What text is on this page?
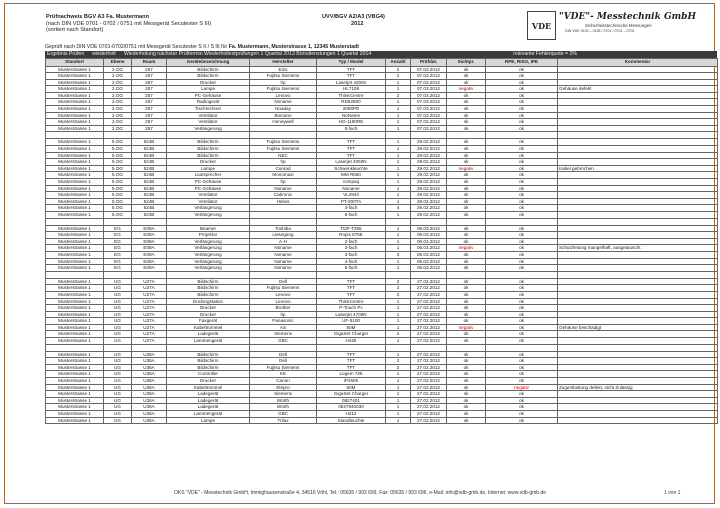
Prüfnachweis BGV A3 Fa. Mustermann
(nach DIN VDE 0701 - 0702 / 0751 mit Messgerät Secutester S III)
(sortiert nach Standort)
UVV/BGV A2/A3 (VBG4)
2012	VDE
"VDE"- Messtechnik GmbH
Sicherheitstechnische Messungen
DIN VDE 0100 – 0105 / 0701 / 0701 – 0702
Geprüft nach DIN VDE 0701-0702/0751 mit Messgerät Secutester S II / S III für Fa. Mustermann, Musterstrasse 1, 12345 Musterstadt
Ergebnis Prüfen wiederholt Wiederholung nächster Prüftermin Wiederholtestprüfungen 1 Quartal 2013 Bürodienstungen 1 Quartal 2014	relevante Fehlerquote = 2%
Standort	Ebene	Raum	Gerätebezeichnung	Hersteller	Typ / Model	Anzahl	Prüfdat.	Sichtpr.	RPE, RISO, IPE	Kommentar
Musterstrasse 1	2.OG	257	Bildschirm	Eizo	TFT	2	07.03.2012	ok	ok	
Musterstrasse 1	2.OG	257	Bildschirm	Fujitsu Siemens	TFT	2	07.03.2012	ok	ok	
Musterstrasse 1	2.OG	257	Drucker	hp	Laserjet 4200n	1	07.03.2012	ok	ok	
Musterstrasse 1	2.OG	257	Lampe	Fujitsu Siemens	HL7108	1	07.03.2012	negativ	ok	Gehäuse defekt
Musterstrasse 1	2.OG	257	PC-Gehäuse	Lenovo	ThinkCentre	2	07.03.2012	ok	ok	
Musterstrasse 1	2.OG	257	Radiogerät	Noname	RD52800	1	07.03.2012	ok	ok	
Musterstrasse 1	2.OG	257	Tischrechner	Noaday	2065PD	1	07.03.2012	ok	ok	
Musterstrasse 1	2.OG	257	Ventilator	Bomann	NoName	1	07.03.2012	ok	ok	
Musterstrasse 1	2.OG	257	Ventilator	Honeywell	HO-1180RE	1	07.03.2012	ok	ok	
Musterstrasse 1	2.OG	257	Verlängerung		5-fach	1	07.03.2012	ok	ok	

Musterstrasse 1	5.OG	524B	Bildschirm	Fujitsu Siemens	TFT	1	29.02.2012	ok	ok	
Musterstrasse 1	5.OG	524B	Bildschirm	Fujitsu Siemens	TFT	1	29.02.2012	ok	ok	
Musterstrasse 1	5.OG	524B	Bildschirm	NEC	TFT	1	29.02.2012	ok	ok	
Musterstrasse 1	5.OG	524B	Drucker	hp	Laserjet 4050N	1	29.02.2012	ok	ok	
Musterstrasse 1	5.OG	524B	Lampe	Conrad	Schwenkleuchte	1	29.02.2012	negativ	ok	Kabel gebrochen
Musterstrasse 1	5.OG	524B	Lautsprecher	Monomaxi	MM R650	1	29.02.2012	ok	ok	
Musterstrasse 1	5.OG	524B	PC-Gehäuse	hp	compaq	1	29.02.2012	ok	ok	
Musterstrasse 1	5.OG	524B	PC-Gehäuse	Noname	Noname	1	29.02.2012	ok	ok	
Musterstrasse 1	5.OG	524B	Ventilator	Cabronic	VL2944	1	29.02.2012	ok	ok	
Musterstrasse 1	5.OG	524B	Ventilator	Helios	PT-200TA	1	29.02.2012	ok	ok	
Musterstrasse 1	5.OG	524B	Verlängerung		3-fach	4	29.02.2012	ok	ok	
Musterstrasse 1	5.OG	524B	Verlängerung		5-fach	1	29.02.2012	ok	ok	

Musterstrasse 1	EG	E09A	Beamer	Toshiba	TDP-T355	1	06.03.2012	ok	ok	
Musterstrasse 1	EG	E09A	Projektor	Liesegang	Ropix 875E	1	06.03.2012	ok	ok	
Musterstrasse 1	EG	E09A	Verlängerung	A-H	2-fach	1	06.03.2012	ok	ok	
Musterstrasse 1	EG	E09A	Verlängerung	Noname	3-fach	1	06.03.2012	negativ	ok	Schutzleitung mangelhaft, ausgetauscht
Musterstrasse 1	EG	E09A	Verlängerung	Noname	3-fach	3	06.03.2012	ok	ok	
Musterstrasse 1	EG	E09A	Verlängerung	Noname	4-fach	1	06.03.2012	ok	ok	
Musterstrasse 1	EG	E09A	Verlängerung	Noname	5-fach	1	06.03.2012	ok	ok	

Musterstrasse 1	UG	U27A	Bildschirm	Dell	TFT	2	27.02.2012	ok	ok	
Musterstrasse 1	UG	U27A	Bildschirm	Fujitsu Siemens	TFT	2	27.02.2012	ok	ok	
Musterstrasse 1	UG	U27A	Bildschirm	Lenovo	TFT	2	27.02.2012	ok	ok	
Musterstrasse 1	UG	U27A	Dockingstation	Lenovo	ThinkCentre	1	27.02.2012	ok	ok	
Musterstrasse 1	UG	U27A	Drucker	Brother	P-Touch Pc	1	27.02.2012	ok	ok	
Musterstrasse 1	UG	U27A	Drucker	hp	Laserjet 4700N	1	27.02.2012	ok	ok	
Musterstrasse 1	UG	U27A	Faxgerät	Panasonic	UF-5100	1	27.02.2012	ok	ok	
Musterstrasse 1	UG	U27A	Kabeltrommel	AS	50M	1	27.02.2012	negativ	ok	Gehäuse beschädigt
Musterstrasse 1	UG	U27A	Ladegerät	Siemens	GigaSet Charger	2	27.02.2012	ok	ok	
Musterstrasse 1	UG	U27A	Lammengerät	GBC	H425	1	27.02.2012	ok	ok	

Musterstrasse 1	UG	U36A	Bildschirm	Dell	TFT	1	27.02.2012	ok	ok	
Musterstrasse 1	UG	U36A	Bildschirm	Dell	TFT	2	27.02.2012	ok	ok	
Musterstrasse 1	UG	U36A	Bildschirm	Fujitsu Siemens	TFT	2	27.02.2012	ok	ok	
Musterstrasse 1	UG	U36A	Controller	KE	Logem 725	1	27.02.2012	ok	ok	
Musterstrasse 1	UG	U36A	Drucker	Canon	iP4500	1	27.02.2012	ok	ok	
Musterstrasse 1	UG	U36A	Kabeltrommel	Elepro	50M	1	27.02.2012	ok	negativ	Zugentlastung defekt, nicht Zulässig
Musterstrasse 1	UG	U36A	Ladegerät	Siemens	GigaSet Charger	1	27.02.2012	ok	ok	
Musterstrasse 1	UG	U36A	Ladegerät	Würth	0827401	1	27.02.2012	ok	ok	
Musterstrasse 1	UG	U36A	Ladegerät	Würth	0827940030	1	27.02.2012	ok	ok	
Musterstrasse 1	UG	U36A	Lammengerät	GBC	H212	1	27.02.2012	ok	ok	
Musterstrasse 1	UG	U36A	Lampe	Trilux	Standleuchte	1	27.02.2012	ok	ok	
OKS "VDE" - Messtechnik GmbH, Immighausenstraße 4, 34516 Vöhl, Tel.: 05635 / 993 699, Fax: 05635 / 993 696, e-Mail: info@vdb-gmb.de, Internet: www.vdb-gmb.de	1 von 1
